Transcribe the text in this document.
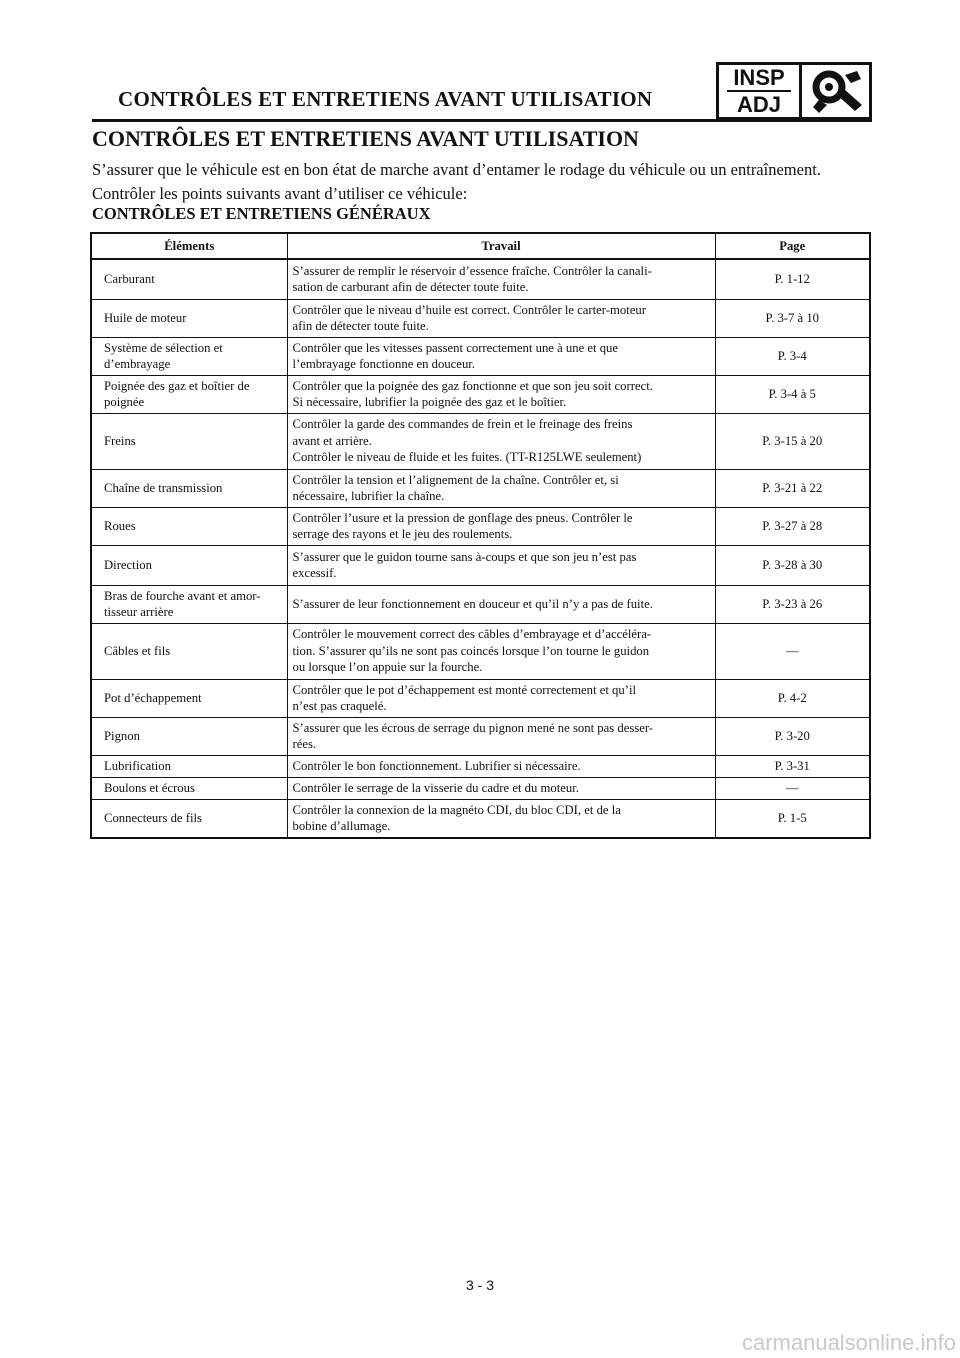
CONTRÔLES ET ENTRETIENS AVANT UTILISATION
INSP
ADJ
CONTRÔLES ET ENTRETIENS AVANT UTILISATION
S’assurer que le véhicule est en bon état de marche avant d’entamer le rodage du véhicule ou un entraînement.
Contrôler les points suivants avant d’utiliser ce véhicule:
CONTRÔLES ET ENTRETIENS GÉNÉRAUX
Éléments	Travail	Page
Carburant	S’assurer de remplir le réservoir d’essence fraîche. Contrôler la canali-
sation de carburant afin de détecter toute fuite.	P. 1-12
Huile de moteur	Contrôler que le niveau d’huile est correct. Contrôler le carter-moteur
afin de détecter toute fuite.	P. 3-7 à 10
Système de sélection et
d’embrayage	Contrôler que les vitesses passent correctement une à une et que
l’embrayage fonctionne en douceur.	P. 3-4
Poignée des gaz et boîtier de
poignée	Contrôler que la poignée des gaz fonctionne et que son jeu soit correct.
Si nécessaire, lubrifier la poignée des gaz et le boîtier.	P. 3-4 à 5
Freins	Contrôler la garde des commandes de frein et le freinage des freins
avant et arrière.
Contrôler le niveau de fluide et les fuites. (TT-R125LWE seulement)	P. 3-15 à 20
Chaîne de transmission	Contrôler la tension et l’alignement de la chaîne. Contrôler et, si
nécessaire, lubrifier la chaîne.	P. 3-21 à 22
Roues	Contrôler l’usure et la pression de gonflage des pneus. Contrôler le
serrage des rayons et le jeu des roulements.	P. 3-27 à 28
Direction	S’assurer que le guidon tourne sans à-coups et que son jeu n’est pas
excessif.	P. 3-28 à 30
Bras de fourche avant et amor-
tisseur arrière	S’assurer de leur fonctionnement en douceur et qu’il n’y a pas de fuite.	P. 3-23 à 26
Câbles et fils	Contrôler le mouvement correct des câbles d’embrayage et d’accéléra-
tion. S’assurer qu’ils ne sont pas coincés lorsque l’on tourne le guidon
ou lorsque l’on appuie sur la fourche.	—
Pot d’échappement	Contrôler que le pot d’échappement est monté correctement et qu’il
n’est pas craquelé.	P. 4-2
Pignon	S’assurer que les écrous de serrage du pignon mené ne sont pas desser-
rées.	P. 3-20
Lubrification	Contrôler le bon fonctionnement. Lubrifier si nécessaire.	P. 3-31
Boulons et écrous	Contrôler le serrage de la visserie du cadre et du moteur.	—
Connecteurs de fils	Contrôler la connexion de la magnéto CDI, du bloc CDI, et de la
bobine d’allumage.	P. 1-5
3 - 3
carmanualsonline.info
